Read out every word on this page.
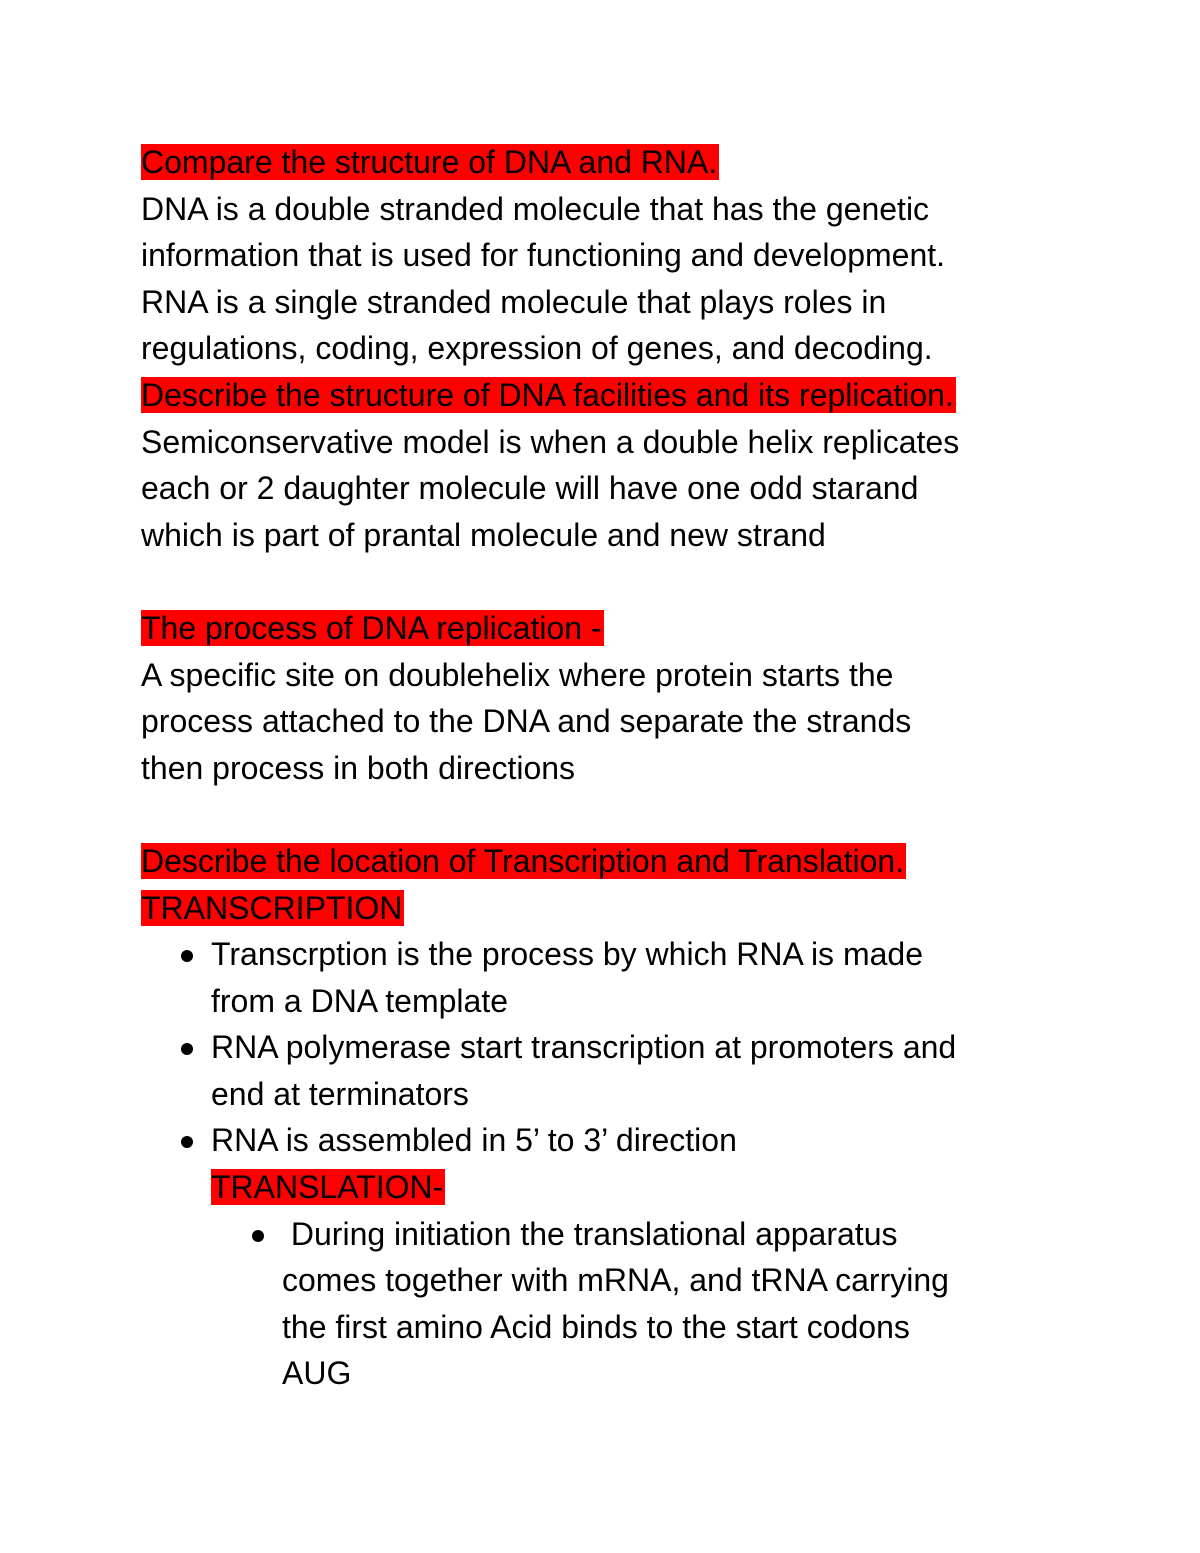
Compare the structure of DNA and RNA.

DNA is a double stranded molecule that has the genetic

information that is used for functioning and development.

RNA is a single stranded molecule that plays roles in

regulations, coding, expression of genes, and decoding.

Describe the structure of DNA facilities and its replication.

Semiconservative model is when a double helix replicates

each or 2 daughter molecule will have one odd starand

which is part of prantal molecule and new strand

The process of DNA replication -

A specific site on doublehelix where protein starts the

process attached to the DNA and separate the strands

then process in both directions

Describe the location of Transcription and Translation.

TRANSCRIPTION

Transcrption is the process by which RNA is made

from a DNA template

RNA polymerase start transcription at promoters and

end at terminators

RNA is assembled in 5’ to 3’ direction

TRANSLATION-

During initiation the translational apparatus

comes together with mRNA, and tRNA carrying

the first amino Acid binds to the start codons

AUG
